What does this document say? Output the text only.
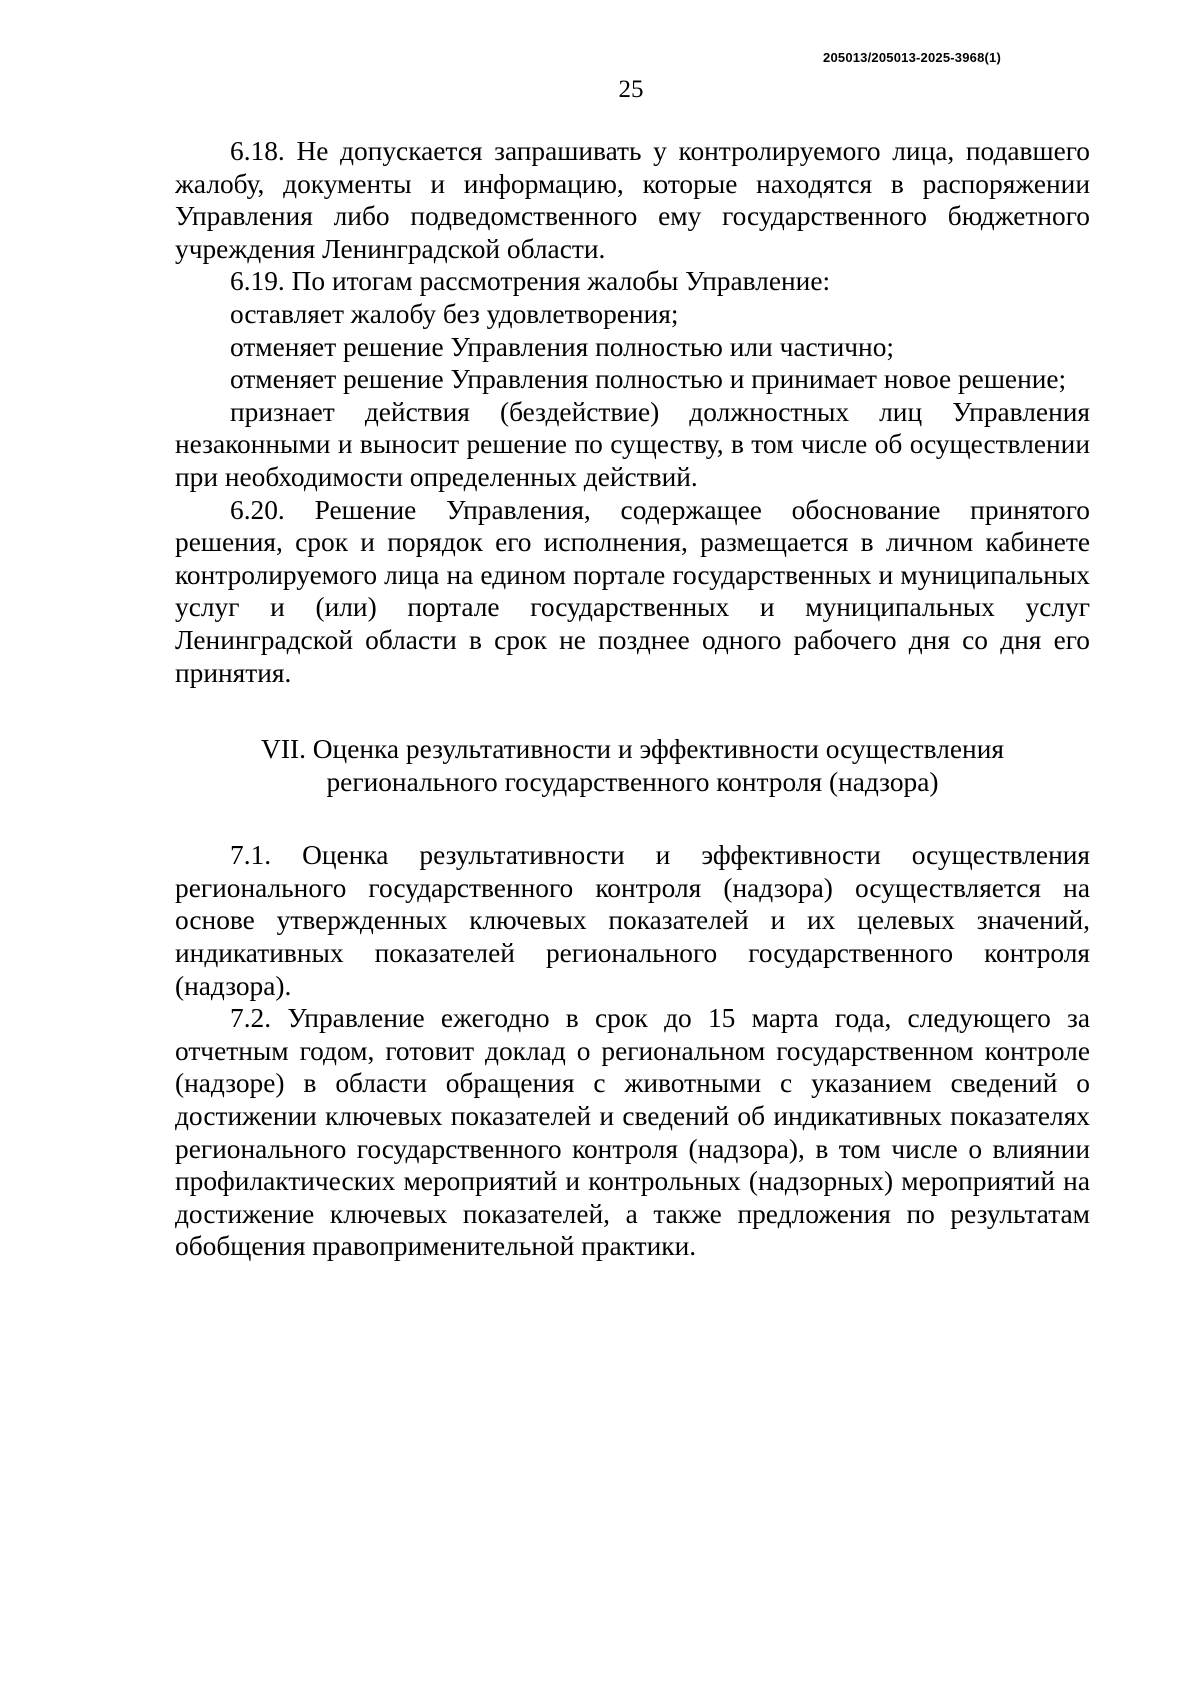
205013/205013-2025-3968(1)
25

6.18. Не допускается запрашивать у контролируемого лица, подавшего жалобу, документы и информацию, которые находятся в распоряжении Управления либо подведомственного ему государственного бюджетного учреждения Ленинградской области.

6.19. По итогам рассмотрения жалобы Управление:

оставляет жалобу без удовлетворения;

отменяет решение Управления полностью или частично;

отменяет решение Управления полностью и принимает новое решение;

признает действия (бездействие) должностных лиц Управления незаконными и выносит решение по существу, в том числе об осуществлении при необходимости определенных действий.

6.20. Решение Управления, содержащее обоснование принятого решения, срок и порядок его исполнения, размещается в личном кабинете контролируемого лица на едином портале государственных и муниципальных услуг и (или) портале государственных и муниципальных услуг Ленинградской области в срок не позднее одного рабочего дня со дня его принятия.

VII. Оценка результативности и эффективности осуществления
регионального государственного контроля (надзора)

7.1. Оценка результативности и эффективности осуществления регионального государственного контроля (надзора) осуществляется на основе утвержденных ключевых показателей и их целевых значений, индикативных показателей регионального государственного контроля (надзора).

7.2. Управление ежегодно в срок до 15 марта года, следующего за отчетным годом, готовит доклад о региональном государственном контроле (надзоре) в области обращения с животными с указанием сведений о достижении ключевых показателей и сведений об индикативных показателях регионального государственного контроля (надзора), в том числе о влиянии профилактических мероприятий и контрольных (надзорных) мероприятий на достижение ключевых показателей, а также предложения по результатам обобщения правоприменительной практики.
